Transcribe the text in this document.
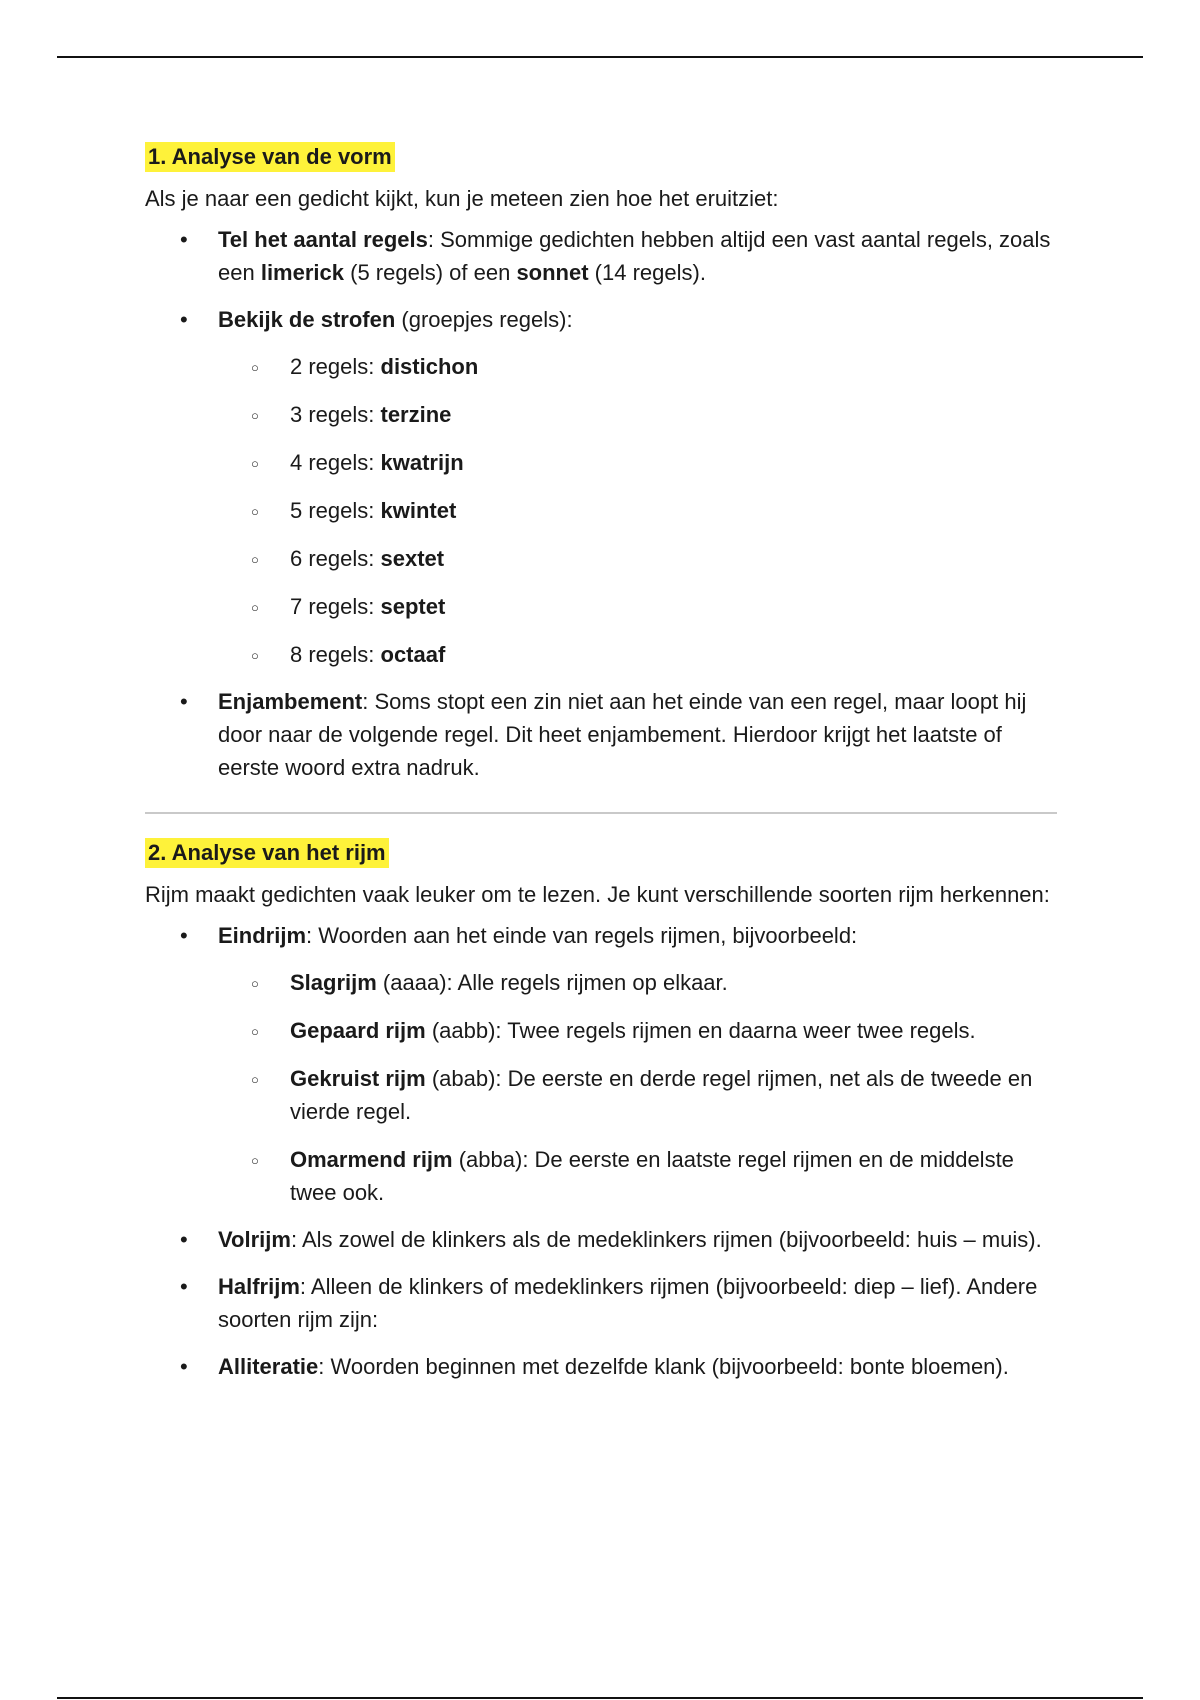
1. Analyse van de vorm

Als je naar een gedicht kijkt, kun je meteen zien hoe het eruitziet:

• Tel het aantal regels: Sommige gedichten hebben altijd een vast aantal regels, zoals een limerick (5 regels) of een sonnet (14 regels).
• Bekijk de strofen (groepjes regels):
○ 2 regels: distichon
○ 3 regels: terzine
○ 4 regels: kwatrijn
○ 5 regels: kwintet
○ 6 regels: sextet
○ 7 regels: septet
○ 8 regels: octaaf
• Enjambement: Soms stopt een zin niet aan het einde van een regel, maar loopt hij door naar de volgende regel. Dit heet enjambement. Hierdoor krijgt het laatste of eerste woord extra nadruk.
2. Analyse van het rijm

Rijm maakt gedichten vaak leuker om te lezen. Je kunt verschillende soorten rijm herkennen:

• Eindrijm: Woorden aan het einde van regels rijmen, bijvoorbeeld:
○ Slagrijm (aaaa): Alle regels rijmen op elkaar.
○ Gepaard rijm (aabb): Twee regels rijmen en daarna weer twee regels.
○ Gekruist rijm (abab): De eerste en derde regel rijmen, net als de tweede en vierde regel.
○ Omarmend rijm (abba): De eerste en laatste regel rijmen en de middelste twee ook.
• Volrijm: Als zowel de klinkers als de medeklinkers rijmen (bijvoorbeeld: huis – muis).
• Halfrijm: Alleen de klinkers of medeklinkers rijmen (bijvoorbeeld: diep – lief). Andere soorten rijm zijn:
• Alliteratie: Woorden beginnen met dezelfde klank (bijvoorbeeld: bonte bloemen).
